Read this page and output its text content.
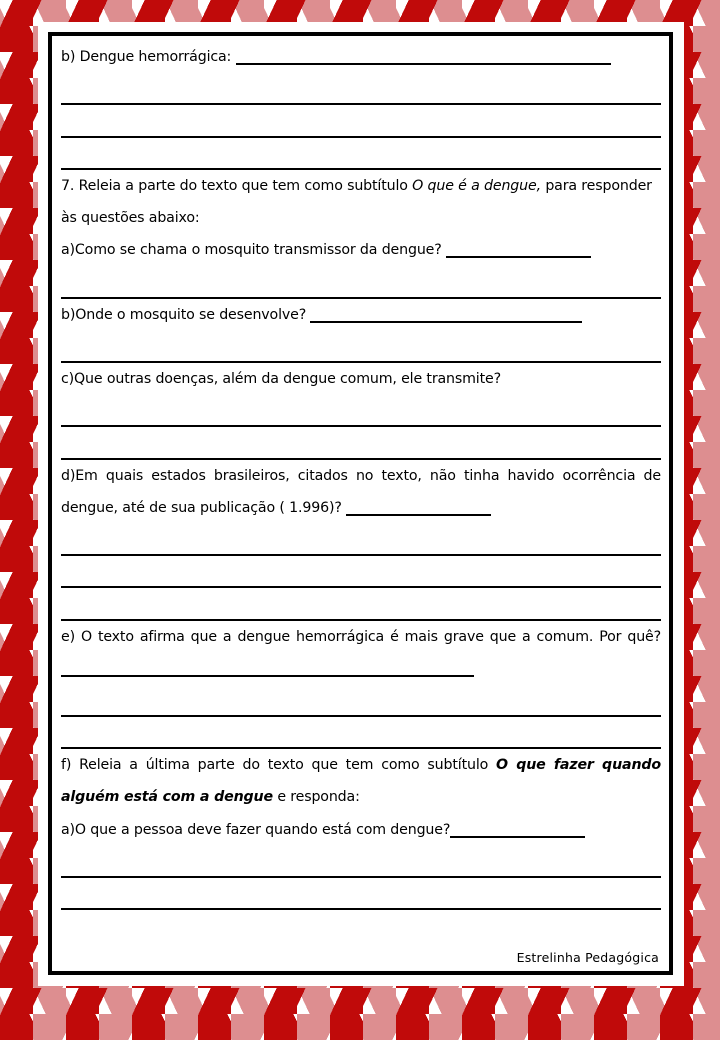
b) Dengue hemorrágica:

7. Releia a parte do texto que tem como subtítulo O que é a dengue, para responder às questões abaixo:

a)Como se chama o mosquito transmissor da dengue?

b)Onde o mosquito se desenvolve?

c)Que outras doenças, além da dengue comum, ele transmite?

d)Em quais estados brasileiros, citados no texto, não tinha havido ocorrência de dengue, até de sua publicação ( 1.996)?

e) O texto afirma que a dengue hemorrágica é mais grave que a comum. Por quê?

f) Releia a última parte do texto que tem como subtítulo O que fazer quando alguém está com a dengue e responda:

a)O que a pessoa deve fazer quando está com dengue?

Estrelinha Pedagógica
